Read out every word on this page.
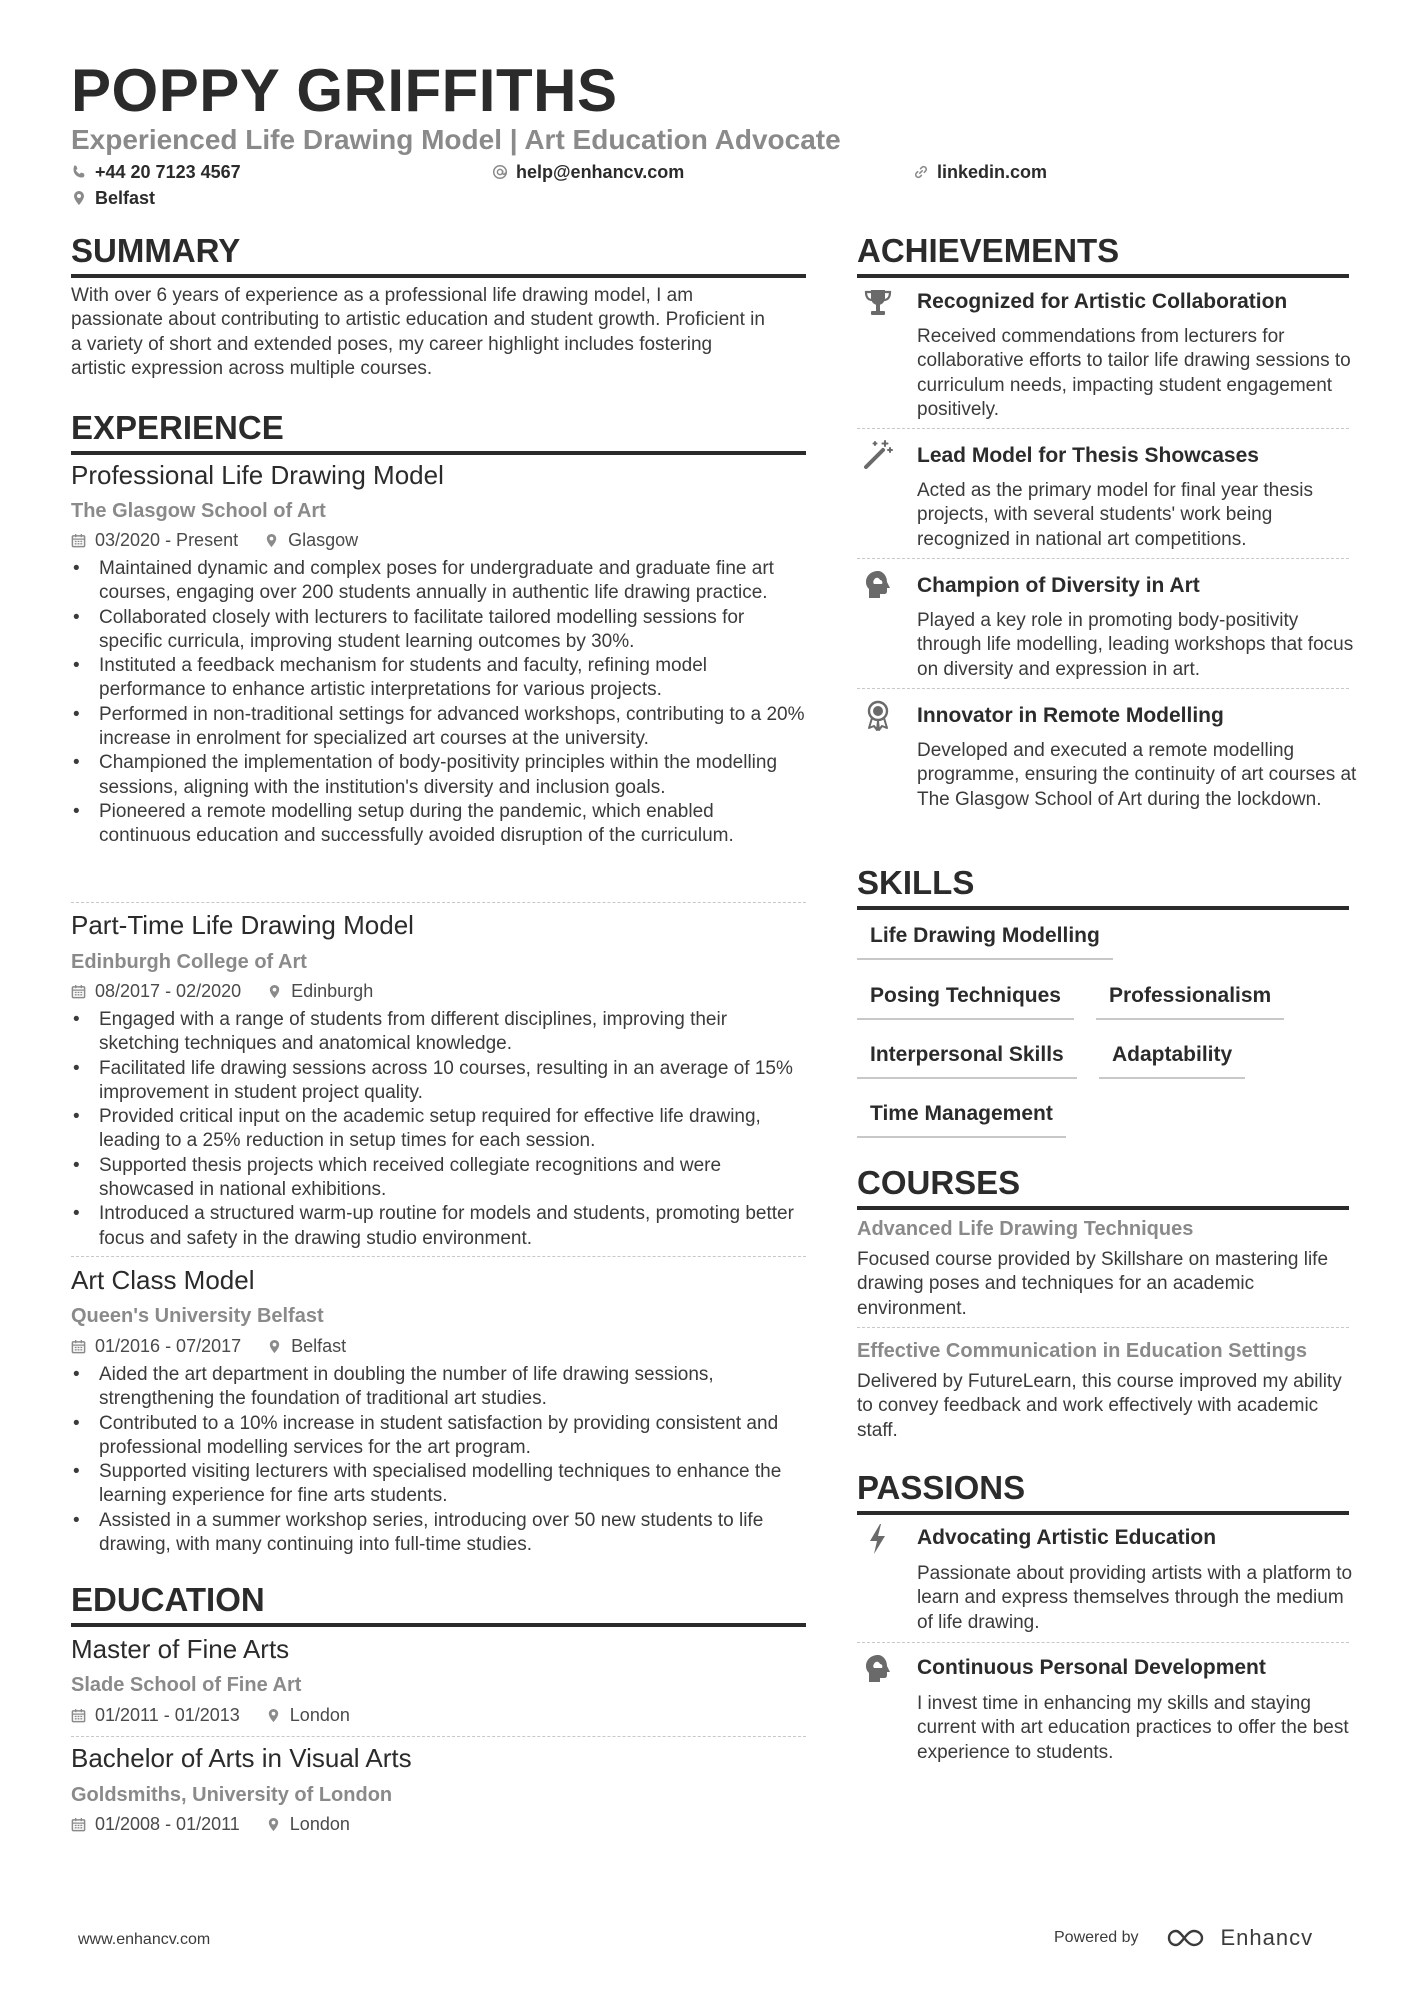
POPPY GRIFFITHS
Experienced Life Drawing Model | Art Education Advocate
+44 20 7123 4567	help@enhancv.com	linkedin.com
Belfast
SUMMARY
With over 6 years of experience as a professional life drawing model, I am passionate about contributing to artistic education and student growth. Proficient in a variety of short and extended poses, my career highlight includes fostering artistic expression across multiple courses.
EXPERIENCE
Professional Life Drawing Model
The Glasgow School of Art
03/2020 - Present	Glasgow
• Maintained dynamic and complex poses for undergraduate and graduate fine art courses, engaging over 200 students annually in authentic life drawing practice.
• Collaborated closely with lecturers to facilitate tailored modelling sessions for specific curricula, improving student learning outcomes by 30%.
• Instituted a feedback mechanism for students and faculty, refining model performance to enhance artistic interpretations for various projects.
• Performed in non-traditional settings for advanced workshops, contributing to a 20% increase in enrolment for specialized art courses at the university.
• Championed the implementation of body-positivity principles within the modelling sessions, aligning with the institution's diversity and inclusion goals.
• Pioneered a remote modelling setup during the pandemic, which enabled continuous education and successfully avoided disruption of the curriculum.
Part-Time Life Drawing Model
Edinburgh College of Art
08/2017 - 02/2020	Edinburgh
• Engaged with a range of students from different disciplines, improving their sketching techniques and anatomical knowledge.
• Facilitated life drawing sessions across 10 courses, resulting in an average of 15% improvement in student project quality.
• Provided critical input on the academic setup required for effective life drawing, leading to a 25% reduction in setup times for each session.
• Supported thesis projects which received collegiate recognitions and were showcased in national exhibitions.
• Introduced a structured warm-up routine for models and students, promoting better focus and safety in the drawing studio environment.
Art Class Model
Queen's University Belfast
01/2016 - 07/2017	Belfast
• Aided the art department in doubling the number of life drawing sessions, strengthening the foundation of traditional art studies.
• Contributed to a 10% increase in student satisfaction by providing consistent and professional modelling services for the art program.
• Supported visiting lecturers with specialised modelling techniques to enhance the learning experience for fine arts students.
• Assisted in a summer workshop series, introducing over 50 new students to life drawing, with many continuing into full-time studies.
EDUCATION
Master of Fine Arts
Slade School of Fine Art
01/2011 - 01/2013	London
Bachelor of Arts in Visual Arts
Goldsmiths, University of London
01/2008 - 01/2011	London
ACHIEVEMENTS
Recognized for Artistic Collaboration
Received commendations from lecturers for collaborative efforts to tailor life drawing sessions to curriculum needs, impacting student engagement positively.
Lead Model for Thesis Showcases
Acted as the primary model for final year thesis projects, with several students' work being recognized in national art competitions.
Champion of Diversity in Art
Played a key role in promoting body-positivity through life modelling, leading workshops that focus on diversity and expression in art.
Innovator in Remote Modelling
Developed and executed a remote modelling programme, ensuring the continuity of art courses at The Glasgow School of Art during the lockdown.
SKILLS
Life Drawing Modelling
Posing Techniques	Professionalism
Interpersonal Skills	Adaptability
Time Management
COURSES
Advanced Life Drawing Techniques
Focused course provided by Skillshare on mastering life drawing poses and techniques for an academic environment.
Effective Communication in Education Settings
Delivered by FutureLearn, this course improved my ability to convey feedback and work effectively with academic staff.
PASSIONS
Advocating Artistic Education
Passionate about providing artists with a platform to learn and express themselves through the medium of life drawing.
Continuous Personal Development
I invest time in enhancing my skills and staying current with art education practices to offer the best experience to students.
www.enhancv.com	Powered by	Enhancv
